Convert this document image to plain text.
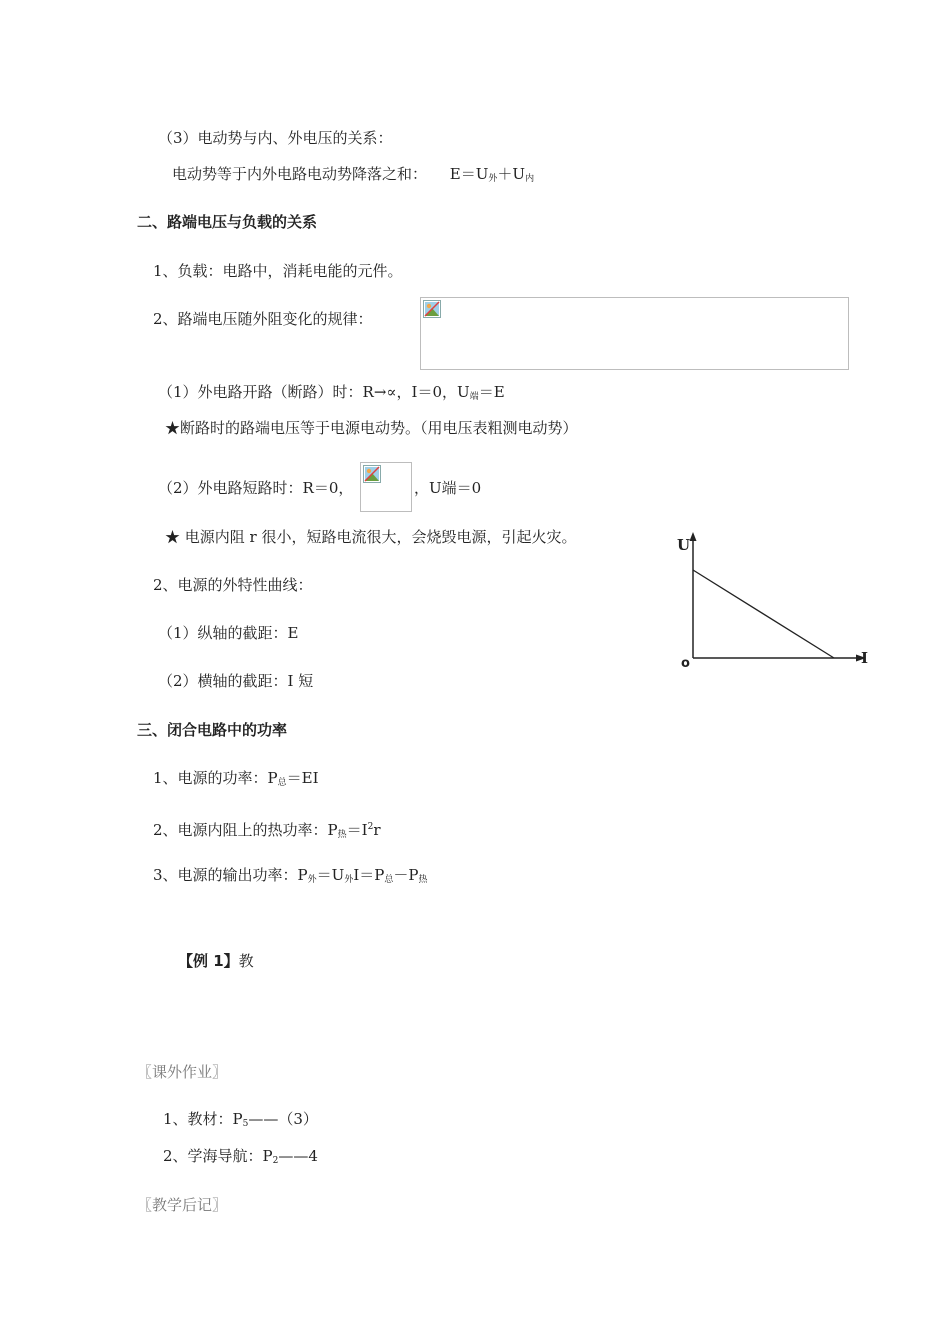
（3）电动势与内、外电压的关系：
电动势等于内外电路电动势降落之和： $E=U_外+U_内$
二、路端电压与负载的关系
1、负载：电路中，消耗电能的元件。
2、路端电压随外阻变化的规律：
（1）外电路开路（断路）时：R→∝，I＝0，$U_端=E$
★断路时的路端电压等于电源电动势。（用电压表粗测电动势）
（2）外电路短路时：R＝0，	，U端＝0
★ 电源内阻 r 很小，短路电流很大，会烧毁电源，引起火灾。
2、电源的外特性曲线：
（1）纵轴的截距：E
（2）横轴的截距：I 短
U
I
o
三、闭合电路中的功率
1、电源的功率：$P_总=EI$
2、电源内阻上的热功率：$P_热=I^2r$
3、电源的输出功率：$P_外=U_外I=P_总-P_热$
【例 1】教
〖课外作业〗
1、教材：$P_5——(3)$
2、学海导航：$P_2——4$
〖教学后记〗
